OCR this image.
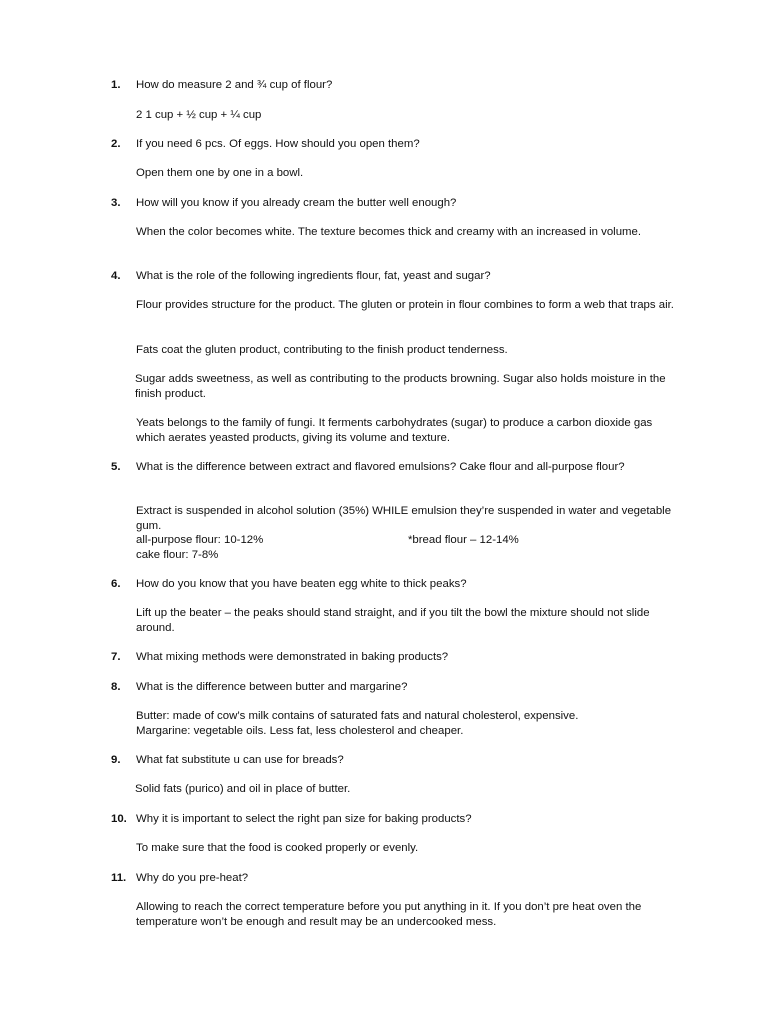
1.	How do measure 2 and ¾ cup of flour?
2 1 cup + ½ cup + ¼ cup
2.	If you need 6 pcs. Of eggs. How should you open them?
Open them one by one in a bowl.
3.	How will you know if you already cream the butter well enough?
When the color becomes white. The texture becomes thick and creamy with an increased in volume.
4.	What is the role of the following ingredients flour, fat, yeast and sugar?
Flour provides structure for the product. The gluten or protein in flour combines to form a web that traps air.
Fats coat the gluten product, contributing to the finish product tenderness.
Sugar adds sweetness, as well as contributing to the products browning. Sugar also holds moisture in the finish product.
Yeats belongs to the family of fungi. It ferments carbohydrates (sugar) to produce a carbon dioxide gas which aerates yeasted products, giving its volume and texture.
5.	What is the difference between extract and flavored emulsions? Cake flour and all-purpose flour?
Extract is suspended in alcohol solution (35%) WHILE emulsion they’re suspended in water and vegetable gum.
all-purpose flour: 10-12%	*bread flour – 12-14%
cake flour: 7-8%
6.	How do you know that you have beaten egg white to thick peaks?
Lift up the beater – the peaks should stand straight, and if you tilt the bowl the mixture should not slide around.
7.	What mixing methods were demonstrated in baking products?
8.	What is the difference between butter and margarine?
Butter: made of cow’s milk contains of saturated fats and natural cholesterol, expensive.
Margarine: vegetable oils. Less fat, less cholesterol and cheaper.
9.	What fat substitute u can use for breads?
Solid fats (purico) and oil in place of butter.
10. Why it is important to select the right pan size for baking products?
To make sure that the food is cooked properly or evenly.
11. Why do you pre-heat?
Allowing to reach the correct temperature before you put anything in it. If you don’t pre heat oven the temperature won’t be enough and result may be an undercooked mess.
